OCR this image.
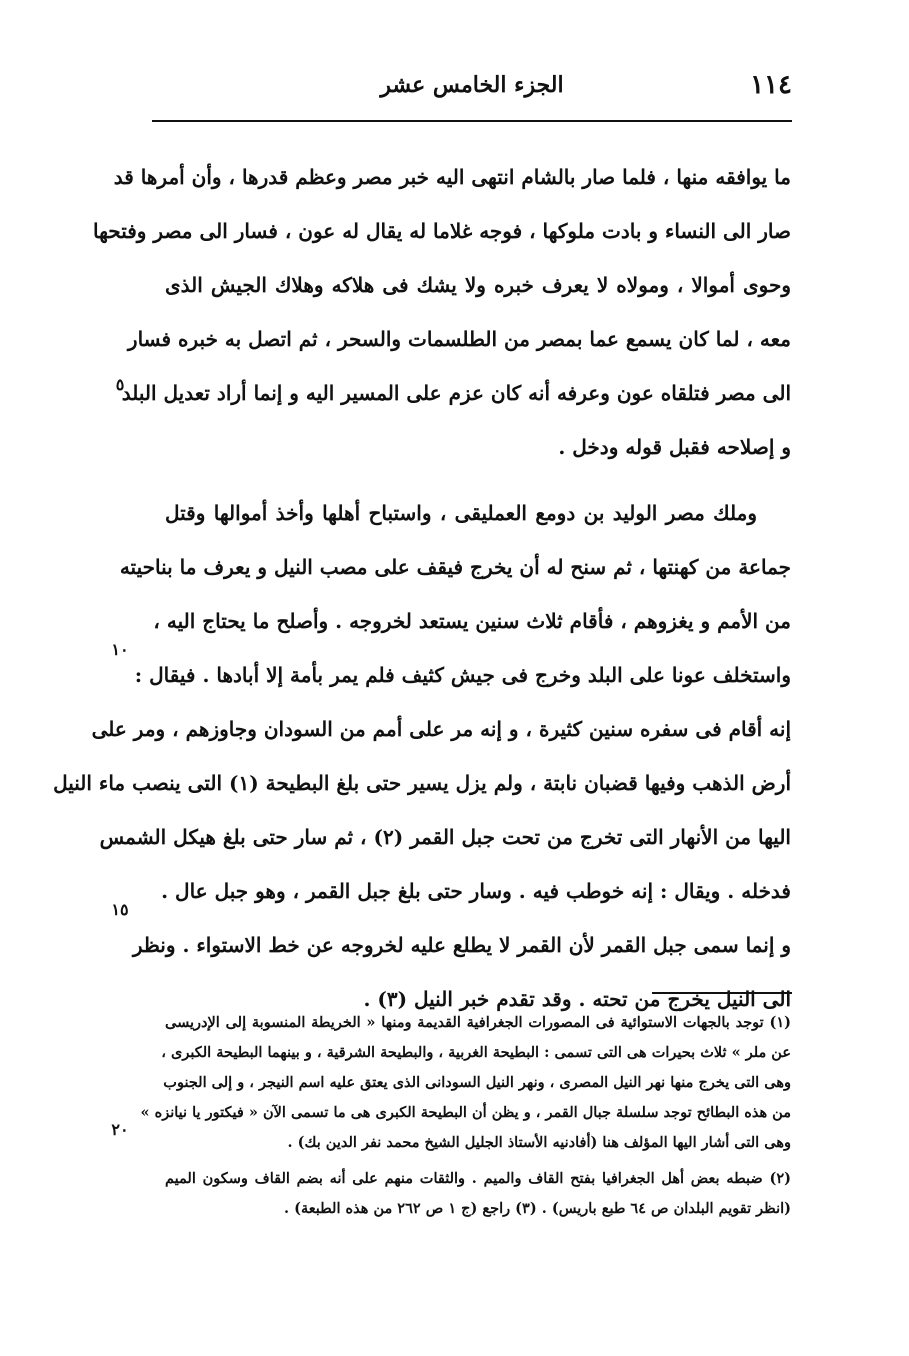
١١٤
الجزء الخامس عشر
ما يوافقه منها ، فلما صار بالشام انتهى اليه خبر مصر وعظم قدرها ، وأن أمرها قد
صار الى النساء و بادت ملوكها ، فوجه غلاما له يقال له عون ، فسار الى مصر وفتحها
وحوى أموالا ، ومولاه لا يعرف خبره ولا يشك فى هلاكه وهلاك الجيش الذى
معه ، لما كان يسمع عما بمصر من الطلسمات والسحر ، ثم اتصل به خبره فسار
الى مصر فتلقاه عون وعرفه أنه كان عزم على المسير اليه و إنما أراد تعديل البلد
و إصلاحه فقبل قوله ودخل .
وملك مصر الوليد بن دومع العمليقى ، واستباح أهلها وأخذ أموالها وقتل
جماعة من كهنتها ، ثم سنح له أن يخرج فيقف على مصب النيل و يعرف ما بناحيته
من الأمم و يغزوهم ، فأقام ثلاث سنين يستعد لخروجه . وأصلح ما يحتاج اليه ،
واستخلف عونا على البلد وخرج فى جيش كثيف فلم يمر بأمة إلا أبادها . فيقال :
إنه أقام فى سفره سنين كثيرة ، و إنه مر على أمم من السودان وجاوزهم ، ومر على
أرض الذهب وفيها قضبان نابتة ، ولم يزل يسير حتى بلغ البطيحة (١) التى ينصب ماء النيل
اليها من الأنهار التى تخرج من تحت جبل القمر (٢) ، ثم سار حتى بلغ هيكل الشمس
فدخله . ويقال : إنه خوطب فيه . وسار حتى بلغ جبل القمر ، وهو جبل عال .
و إنما سمى جبل القمر لأن القمر لا يطلع عليه لخروجه عن خط الاستواء . ونظر
الى النيل يخرج من تحته . وقد تقدم خبر النيل (٣) .
٥
١٠
١٥
٢٠
(١) توجد بالجهات الاستوائية فى المصورات الجغرافية القديمة ومنها « الخريطة المنسوبة إلى الإدريسى
عن ملر » ثلاث بحيرات هى التى تسمى : البطيحة الغربية ، والبطيحة الشرقية ، و بينهما البطيحة الكبرى ،
وهى التى يخرج منها نهر النيل المصرى ، ونهر النيل السودانى الذى يعتق عليه اسم النيجر ، و إلى الجنوب
من هذه البطائح توجد سلسلة جبال القمر ، و يظن أن البطيحة الكبرى هى ما تسمى الآن « فيكتور يا نيانزه »
وهى التى أشار اليها المؤلف هنا (أفادنيه الأستاذ الجليل الشيخ محمد نفر الدين بك) .
(٢) ضبطه بعض أهل الجغرافيا بفتح القاف والميم . والثقات منهم على أنه بضم القاف وسكون الميم
(انظر تقويم البلدان ص ٦٤ طبع باريس) . (٣) راجع (ج ١ ص ٢٦٢ من هذه الطبعة) .
